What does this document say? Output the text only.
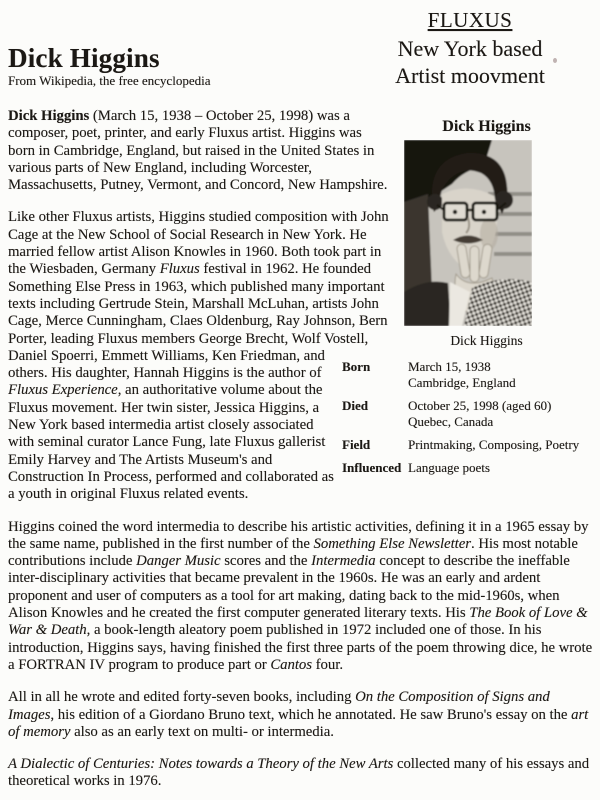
Dick Higgins
From Wikipedia, the free encyclopedia
FLUXUS
New York based
Artist moovment
Dick Higgins
Dick Higgins
Born	March 15, 1938
Cambridge, England
Died	October 25, 1998 (aged 60)
Quebec, Canada
Field	Printmaking, Composing, Poetry
Influenced Language poets

Dick Higgins (March 15, 1938 – October 25, 1998) was a composer, poet, printer, and early Fluxus artist. Higgins was born in Cambridge, England, but raised in the United States in various parts of New England, including Worcester, Massachusetts, Putney, Vermont, and Concord, New Hampshire.

Like other Fluxus artists, Higgins studied composition with John Cage at the New School of Social Research in New York. He married fellow artist Alison Knowles in 1960. Both took part in the Wiesbaden, Germany Fluxus festival in 1962. He founded Something Else Press in 1963, which published many important texts including Gertrude Stein, Marshall McLuhan, artists John Cage, Merce Cunningham, Claes Oldenburg, Ray Johnson, Bern Porter, leading Fluxus members George Brecht, Wolf Vostell, Daniel Spoerri, Emmett Williams, Ken Friedman, and others. His daughter, Hannah Higgins is the author of Fluxus Experience, an authoritative volume about the Fluxus movement. Her twin sister, Jessica Higgins, a New York based intermedia artist closely associated with seminal curator Lance Fung, late Fluxus gallerist Emily Harvey and The Artists Museum's and Construction In Process, performed and collaborated as a youth in original Fluxus related events.

Higgins coined the word intermedia to describe his artistic activities, defining it in a 1965 essay by the same name, published in the first number of the Something Else Newsletter. His most notable contributions include Danger Music scores and the Intermedia concept to describe the ineffable inter-disciplinary activities that became prevalent in the 1960s. He was an early and ardent proponent and user of computers as a tool for art making, dating back to the mid-1960s, when Alison Knowles and he created the first computer generated literary texts. His The Book of Love & War & Death, a book-length aleatory poem published in 1972 included one of those. In his introduction, Higgins says, having finished the first three parts of the poem throwing dice, he wrote a FORTRAN IV program to produce part or Cantos four.

All in all he wrote and edited forty-seven books, including On the Composition of Signs and Images, his edition of a Giordano Bruno text, which he annotated. He saw Bruno's essay on the art of memory also as an early text on multi- or intermedia.

A Dialectic of Centuries: Notes towards a Theory of the New Arts collected many of his essays and theoretical works in 1976.
